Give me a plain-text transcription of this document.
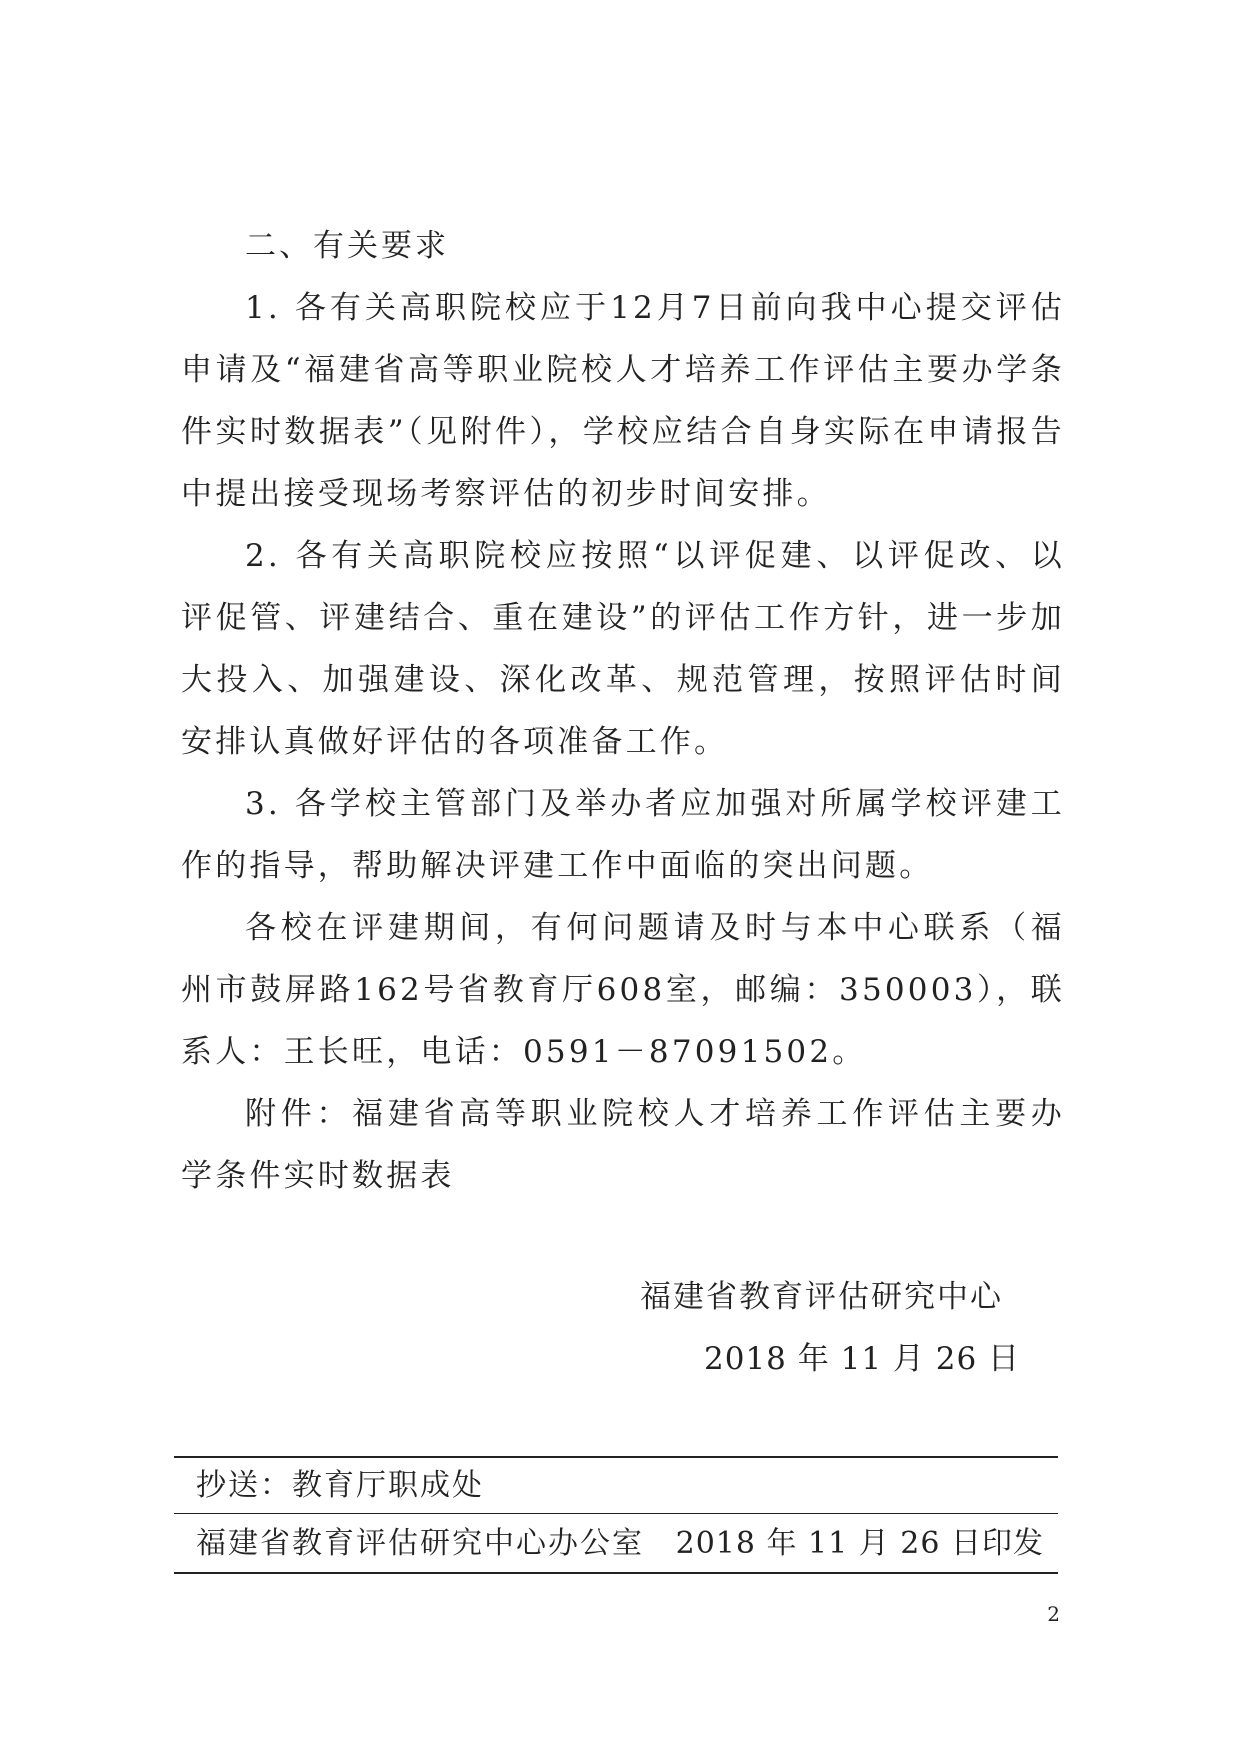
二、有关要求

1. 各有关高职院校应于12月7日前向我中心提交评估申请及“福建省高等职业院校人才培养工作评估主要办学条件实时数据表”（见附件），学校应结合自身实际在申请报告中提出接受现场考察评估的初步时间安排。

2. 各有关高职院校应按照“以评促建、以评促改、以评促管、评建结合、重在建设”的评估工作方针，进一步加大投入、加强建设、深化改革、规范管理，按照评估时间安排认真做好评估的各项准备工作。

3. 各学校主管部门及举办者应加强对所属学校评建工作的指导，帮助解决评建工作中面临的突出问题。

各校在评建期间，有何问题请及时与本中心联系（福州市鼓屏路162号省教育厅608室，邮编：350003），联系人：王长旺，电话：0591－87091502。

附件：福建省高等职业院校人才培养工作评估主要办学条件实时数据表

福建省教育评估研究中心

2018 年 11 月 26 日

抄送：教育厅职成处
福建省教育评估研究中心办公室 2018 年 11 月 26 日印发
2
